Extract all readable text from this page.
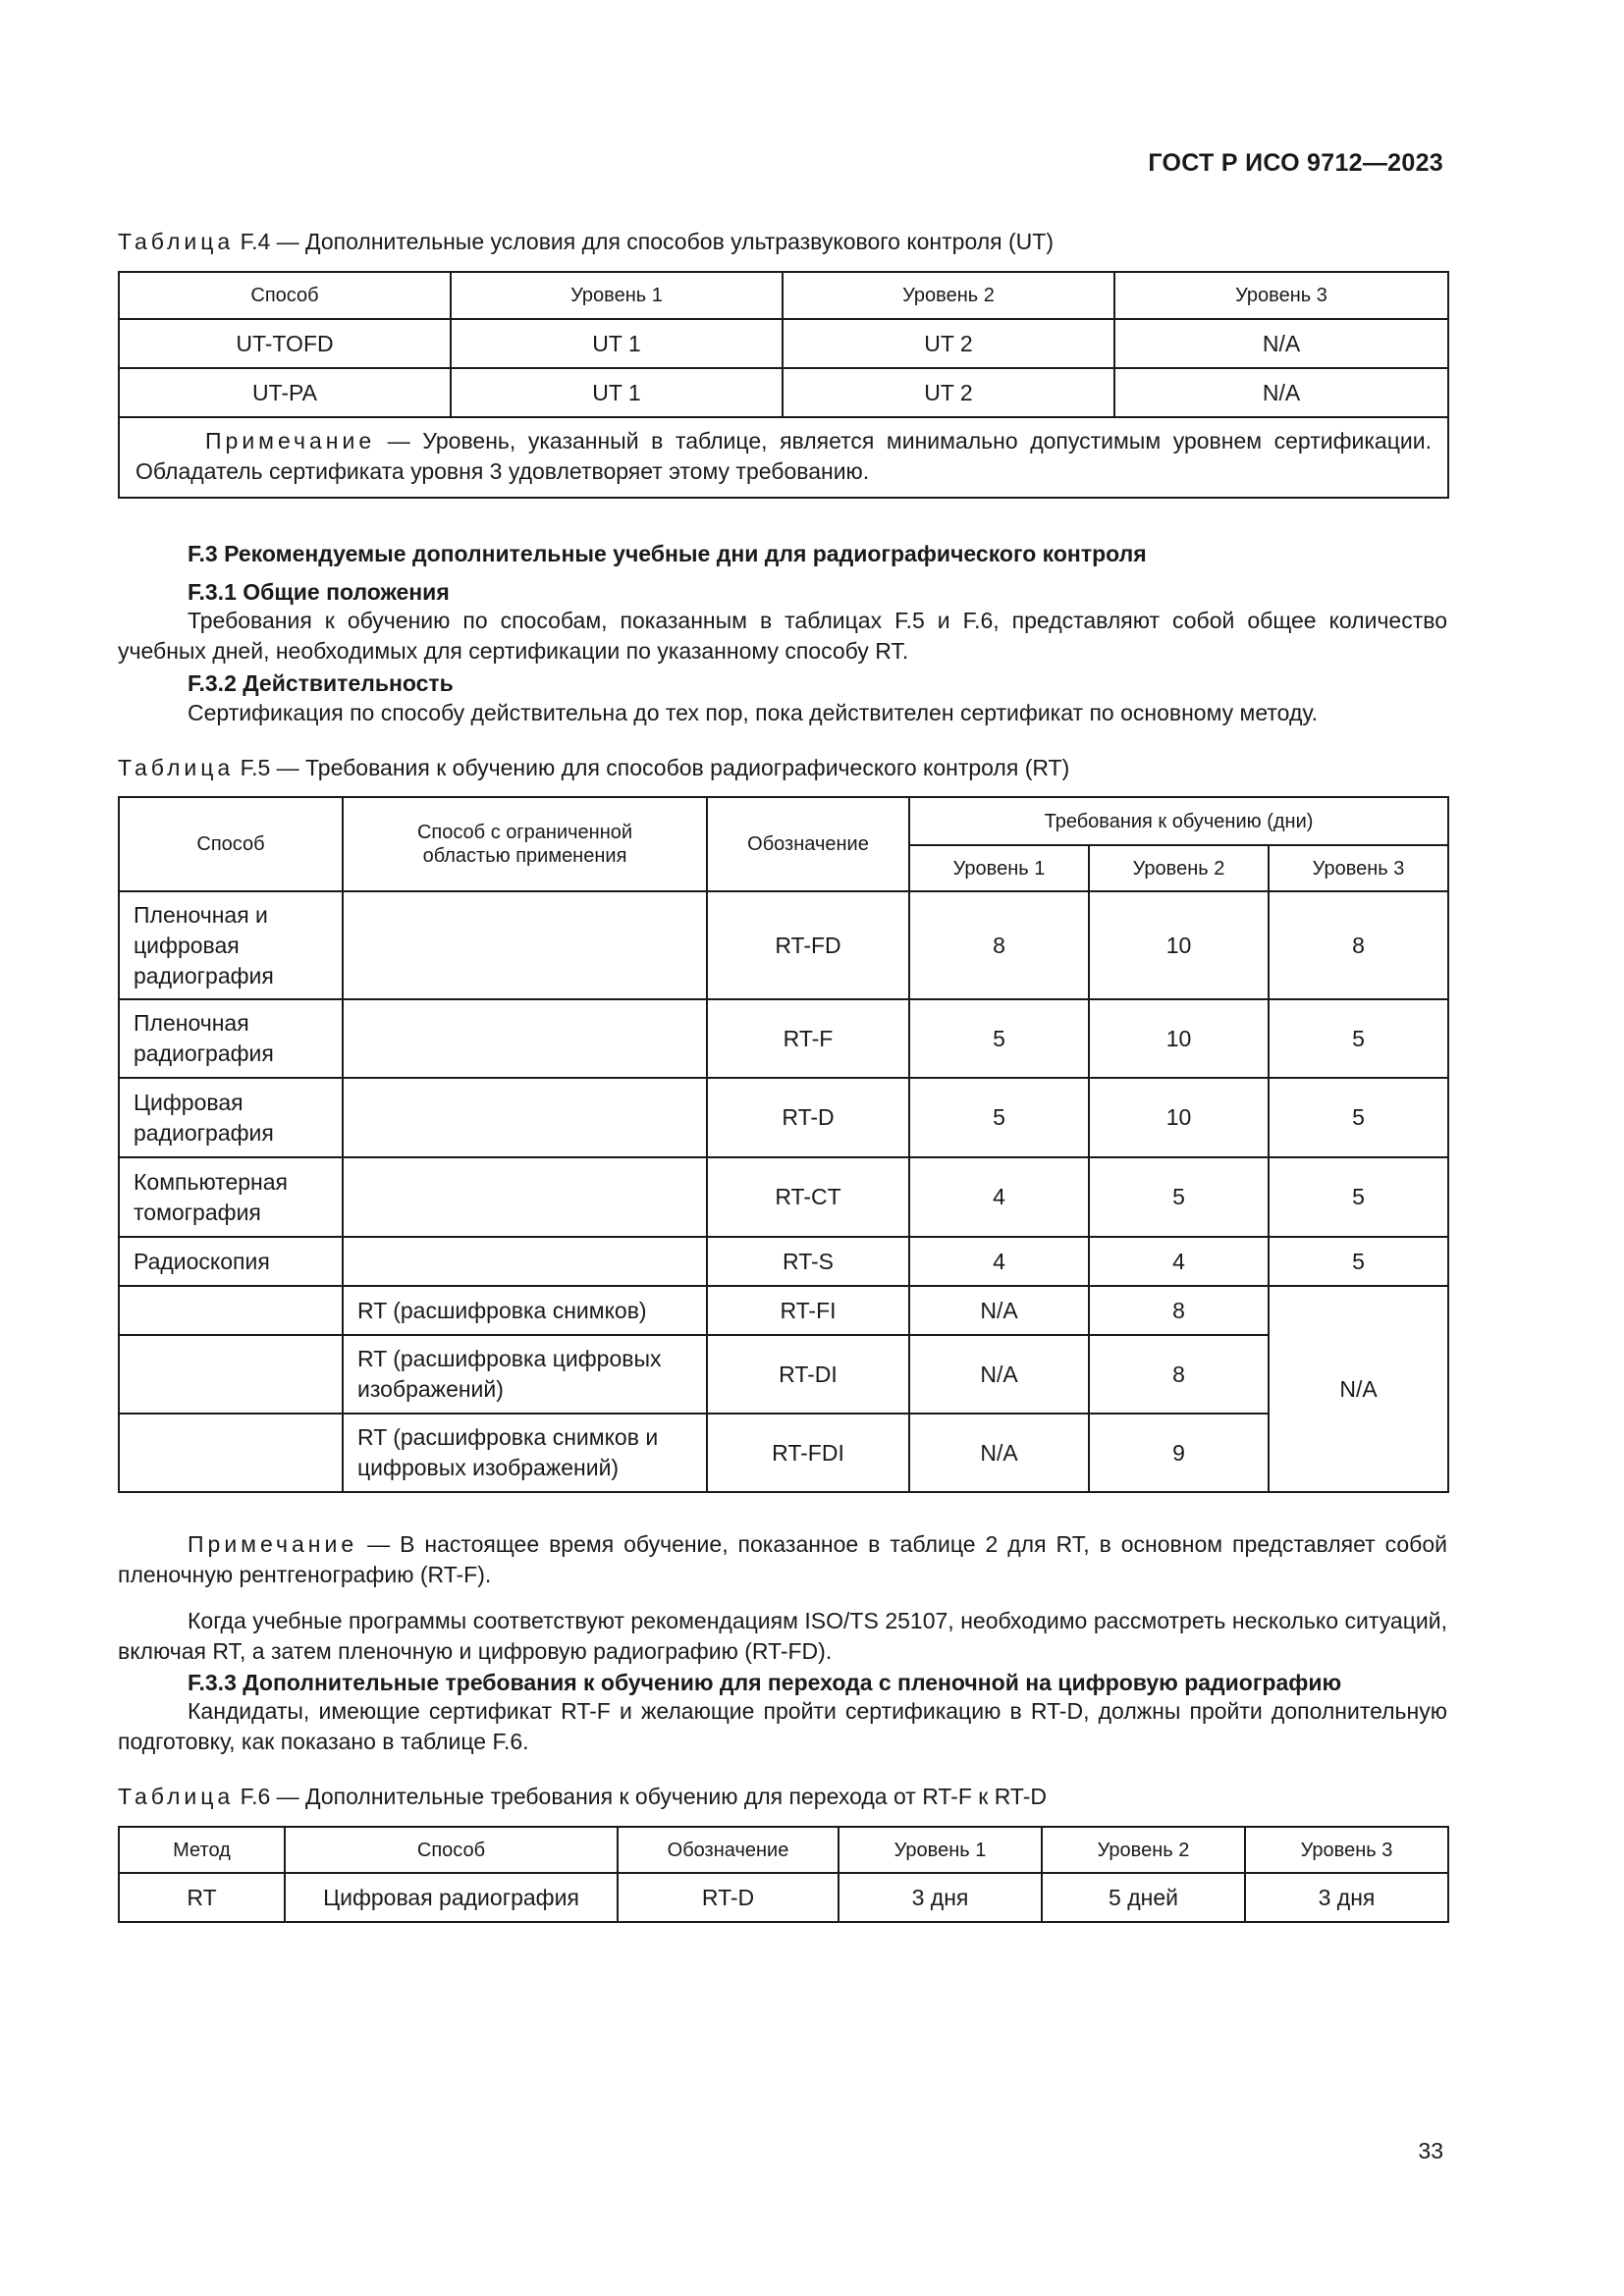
ГОСТ Р ИСО 9712—2023
Таблица F.4 — Дополнительные условия для способов ультразвукового контроля (UT)
Способ	Уровень 1	Уровень 2	Уровень 3
UT-TOFD	UT 1	UT 2	N/A
UT-PA	UT 1	UT 2	N/A
Примечание — Уровень, указанный в таблице, является минимально допустимым уровнем сертификации. Обладатель сертификата уровня 3 удовлетворяет этому требованию.			
F.3 Рекомендуемые дополнительные учебные дни для радиографического контроля
F.3.1 Общие положения
Требования к обучению по способам, показанным в таблицах F.5 и F.6, представляют собой общее количество учебных дней, необходимых для сертификации по указанному способу RT.
F.3.2 Действительность
Сертификация по способу действительна до тех пор, пока действителен сертификат по основному методу.
Таблица F.5 — Требования к обучению для способов радиографического контроля (RT)
Способ	Способ с ограниченной областью применения	Обозначение	Требования к обучению (дни)		
			Уровень 1	Уровень 2	Уровень 3

Пленочная и цифровая радиография		RT-FD	8	10	8

Пленочная радиография		RT-F	5	10	5

Цифровая радиография		RT-D	5	10	5

Компьютерная томография		RT-CT	4	5	5
Радиоскопия		RT-S	4	4	5
	RT (расшифровка снимков)	RT-FI	N/A	8	N/A

	RT (расшифровка цифровых изображений)	RT-DI	N/A	8	

	RT (расшифровка снимков и цифровых изображений)	RT-FDI	N/A	9	
Примечание — В настоящее время обучение, показанное в таблице 2 для RT, в основном представляет собой пленочную рентгенографию (RT-F).
Когда учебные программы соответствуют рекомендациям ISO/TS 25107, необходимо рассмотреть несколько ситуаций, включая RT, а затем пленочную и цифровую радиографию (RT-FD).
F.3.3 Дополнительные требования к обучению для перехода с пленочной на цифровую радиографию
Кандидаты, имеющие сертификат RT-F и желающие пройти сертификацию в RT-D, должны пройти дополнительную подготовку, как показано в таблице F.6.
Таблица F.6 — Дополнительные требования к обучению для перехода от RT-F к RT-D
Метод	Способ	Обозначение	Уровень 1	Уровень 2	Уровень 3
RT	Цифровая радиография	RT-D	3 дня	5 дней	3 дня
33
